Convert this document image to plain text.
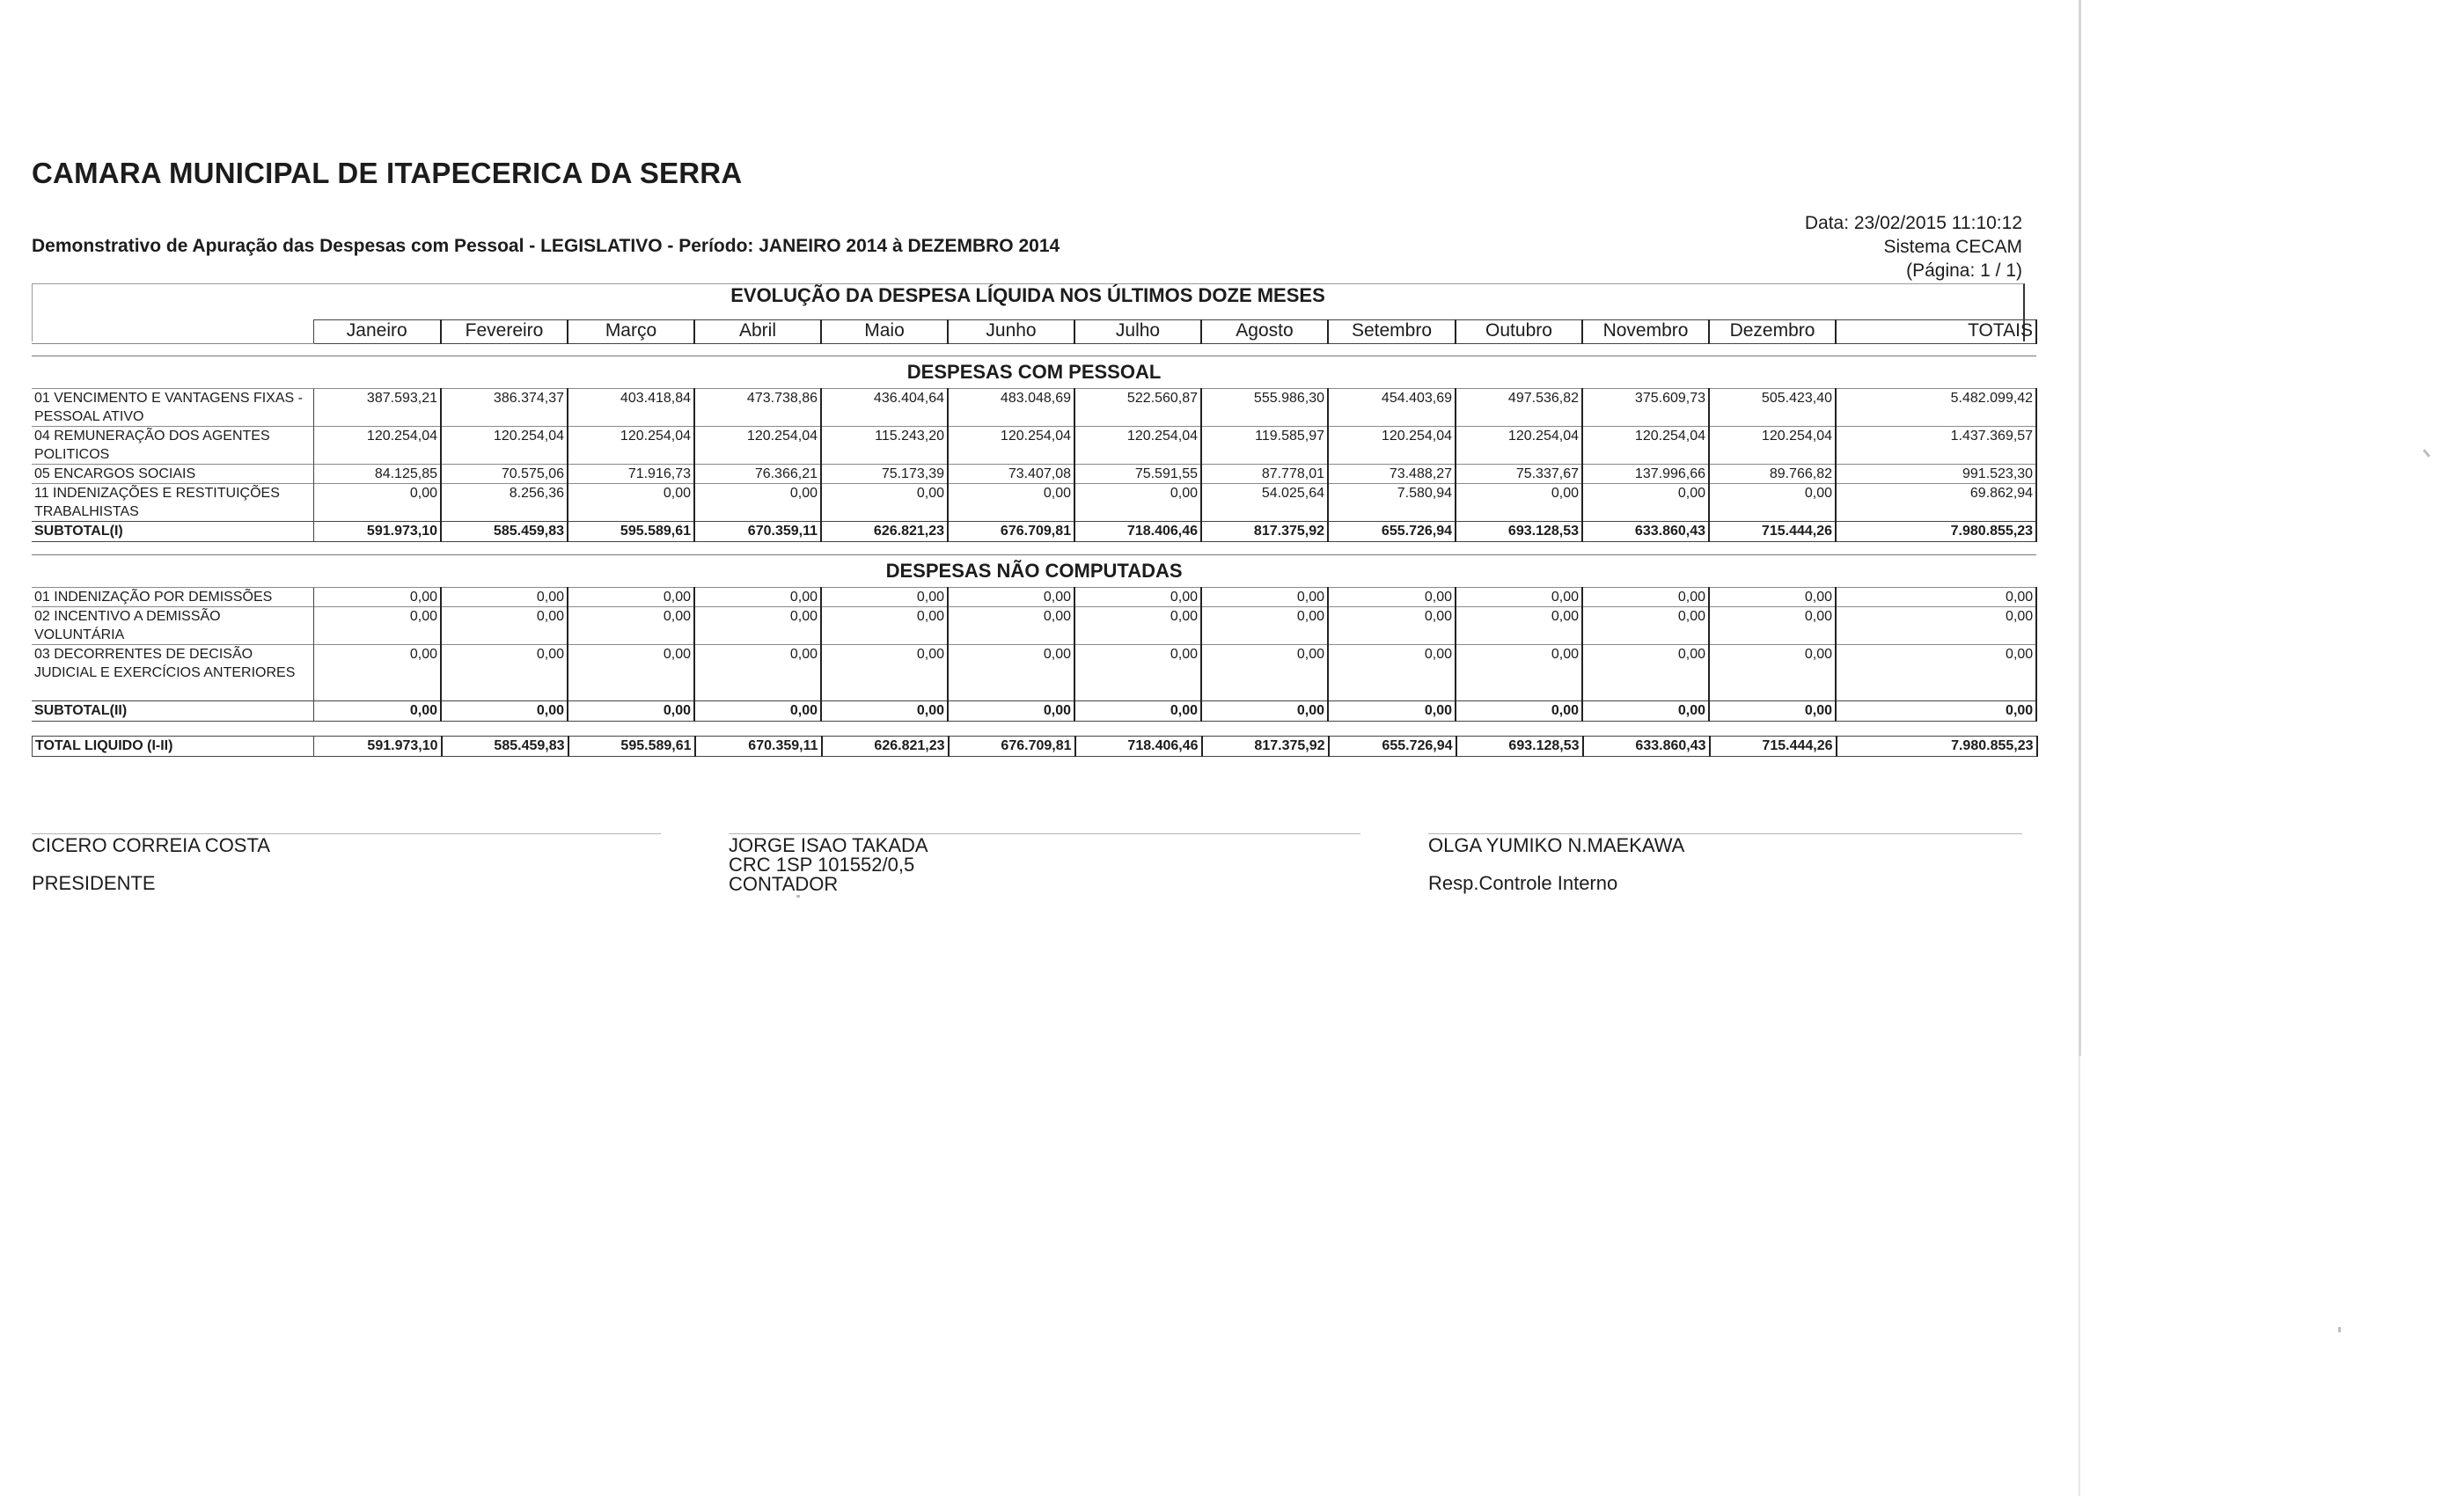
CAMARA MUNICIPAL DE ITAPECERICA DA SERRA
Demonstrativo de Apuração das Despesas com Pessoal - LEGISLATIVO - Período: JANEIRO 2014 à DEZEMBRO 2014
Data: 23/02/2015 11:10:12
Sistema CECAM
(Página: 1 / 1)
EVOLUÇÃO DA DESPESA LÍQUIDA NOS ÚLTIMOS DOZE MESES
	Janeiro	Fevereiro	Março	Abril	Maio	Junho	Julho	Agosto	Setembro	Outubro	Novembro	Dezembro	TOTAIS
DESPESAS COM PESSOAL													
01 VENCIMENTO E VANTAGENS FIXAS - PESSOAL ATIVO	387.593,21	386.374,37	403.418,84	473.738,86	436.404,64	483.048,69	522.560,87	555.986,30	454.403,69	497.536,82	375.609,73	505.423,40	5.482.099,42
04 REMUNERAÇÃO DOS AGENTES POLITICOS	120.254,04	120.254,04	120.254,04	120.254,04	115.243,20	120.254,04	120.254,04	119.585,97	120.254,04	120.254,04	120.254,04	120.254,04	1.437.369,57
05 ENCARGOS SOCIAIS	84.125,85	70.575,06	71.916,73	76.366,21	75.173,39	73.407,08	75.591,55	87.778,01	73.488,27	75.337,67	137.996,66	89.766,82	991.523,30
11 INDENIZAÇÕES E RESTITUIÇÕES TRABALHISTAS	0,00	8.256,36	0,00	0,00	0,00	0,00	0,00	54.025,64	7.580,94	0,00	0,00	0,00	69.862,94
SUBTOTAL(I)	591.973,10	585.459,83	595.589,61	670.359,11	626.821,23	676.709,81	718.406,46	817.375,92	655.726,94	693.128,53	633.860,43	715.444,26	7.980.855,23
DESPESAS NÃO COMPUTADAS													
01 INDENIZAÇÃO POR DEMISSÕES	0,00	0,00	0,00	0,00	0,00	0,00	0,00	0,00	0,00	0,00	0,00	0,00	0,00
02 INCENTIVO A DEMISSÃO VOLUNTÁRIA	0,00	0,00	0,00	0,00	0,00	0,00	0,00	0,00	0,00	0,00	0,00	0,00	0,00
03 DECORRENTES DE DECISÃO JUDICIAL E EXERCÍCIOS ANTERIORES	0,00	0,00	0,00	0,00	0,00	0,00	0,00	0,00	0,00	0,00	0,00	0,00	0,00
SUBTOTAL(II)	0,00	0,00	0,00	0,00	0,00	0,00	0,00	0,00	0,00	0,00	0,00	0,00	0,00
TOTAL LIQUIDO (I-II)	591.973,10	585.459,83	595.589,61	670.359,11	626.821,23	676.709,81	718.406,46	817.375,92	655.726,94	693.128,53	633.860,43	715.444,26	7.980.855,23
CICERO CORREIA COSTA
PRESIDENTE
JORGE ISAO TAKADA
CRC 1SP 101552/0,5
CONTADOR
OLGA YUMIKO N.MAEKAWA
Resp.Controle Interno
